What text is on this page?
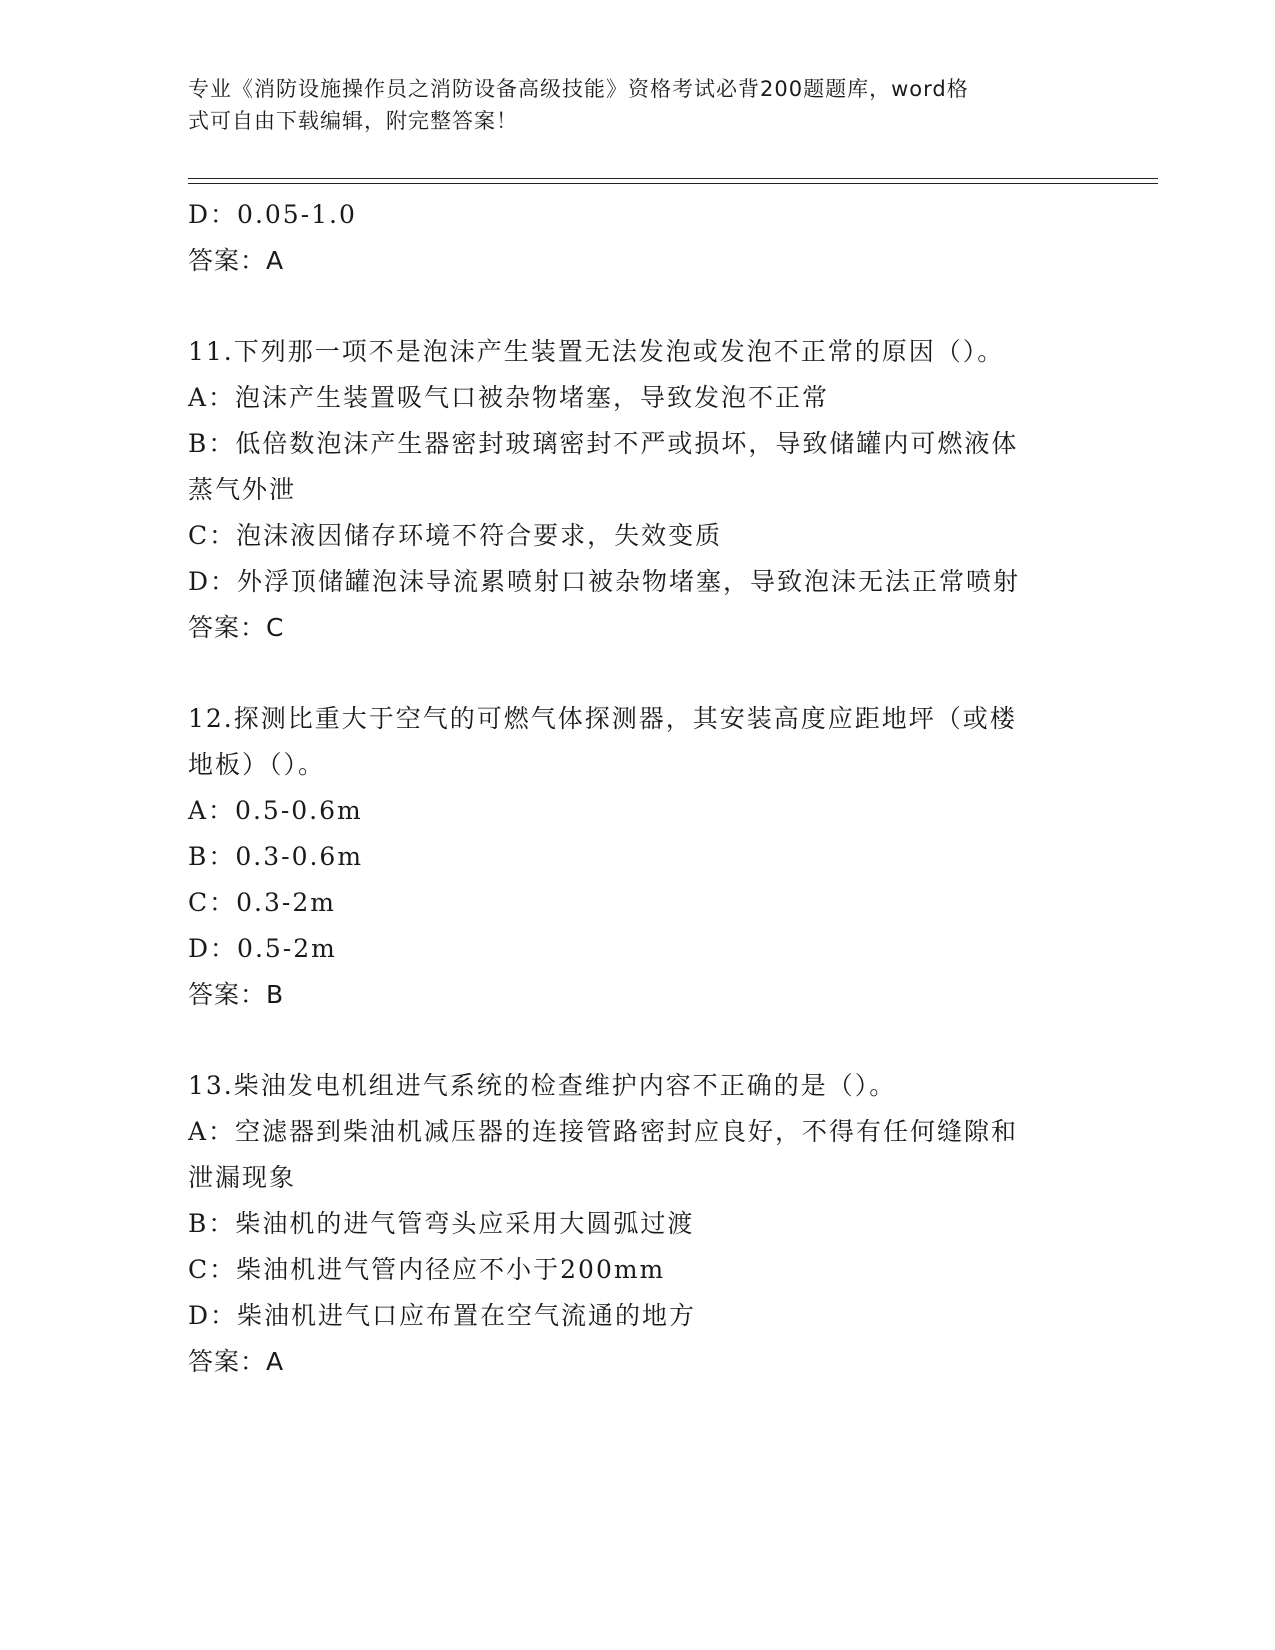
专业《消防设施操作员之消防设备高级技能》资格考试必背200题题库，word格
式可自由下载编辑，附完整答案！
D：0.05-1.0
答案：A
11.下列那一项不是泡沫产生装置无法发泡或发泡不正常的原因（）。
A：泡沫产生装置吸气口被杂物堵塞，导致发泡不正常
B：低倍数泡沫产生器密封玻璃密封不严或损坏，导致储罐内可燃液体
蒸气外泄
C：泡沫液因储存环境不符合要求，失效变质
D：外浮顶储罐泡沫导流累喷射口被杂物堵塞，导致泡沫无法正常喷射
答案：C
12.探测比重大于空气的可燃气体探测器，其安装高度应距地坪（或楼
地板）（）。
A：0.5-0.6m
B：0.3-0.6m
C：0.3-2m
D：0.5-2m
答案：B
13.柴油发电机组进气系统的检查维护内容不正确的是（）。
A：空滤器到柴油机减压器的连接管路密封应良好，不得有任何缝隙和
泄漏现象
B：柴油机的进气管弯头应采用大圆弧过渡
C：柴油机进气管内径应不小于200mm
D：柴油机进气口应布置在空气流通的地方
答案：A
